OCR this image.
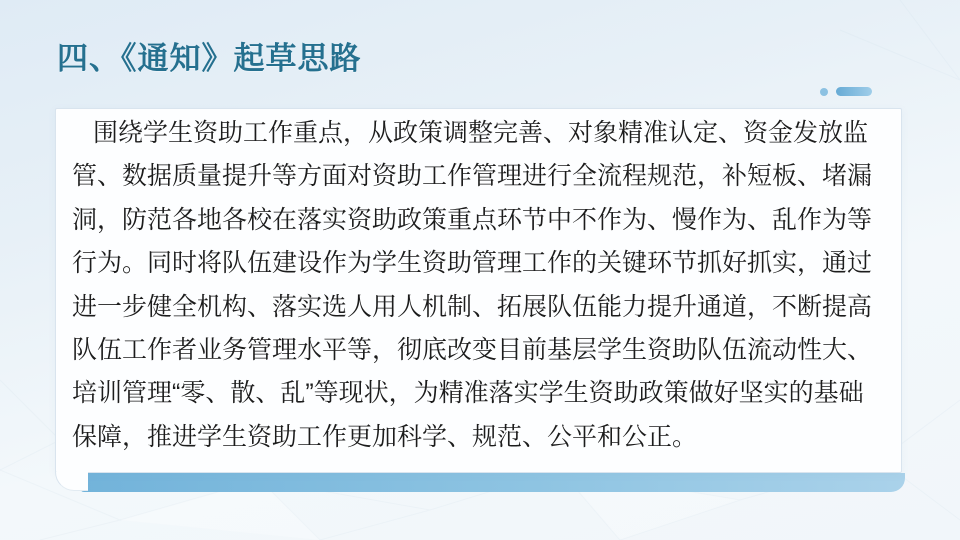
四、《通知》起草思路
围绕学生资助工作重点，从政策调整完善、对象精准认定、资金发放监
管、数据质量提升等方面对资助工作管理进行全流程规范，补短板、堵漏
洞，防范各地各校在落实资助政策重点环节中不作为、慢作为、乱作为等
行为。同时将队伍建设作为学生资助管理工作的关键环节抓好抓实，通过
进一步健全机构、落实选人用人机制、拓展队伍能力提升通道，不断提高
队伍工作者业务管理水平等，彻底改变目前基层学生资助队伍流动性大、
培训管理“零、散、乱”等现状，为精准落实学生资助政策做好坚实的基础
保障，推进学生资助工作更加科学、规范、公平和公正。
